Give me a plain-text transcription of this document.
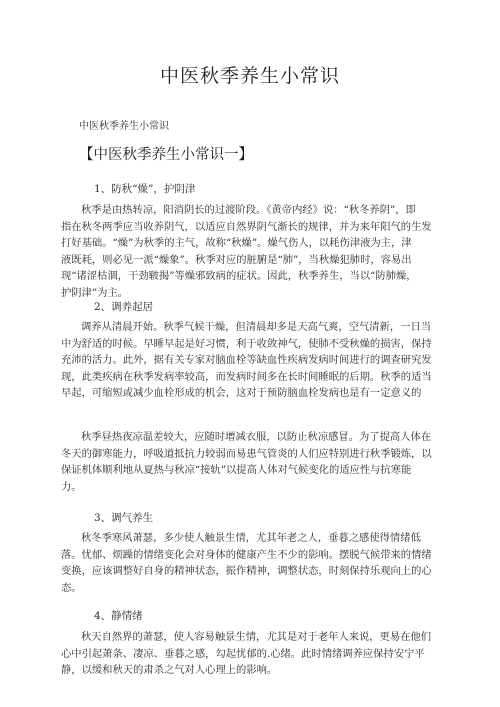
中医秋季养生小常识
中医秋季养生小常识
【中医秋季养生小常识一】
1、防秋“燥”，护阴津
秋季是由热转凉，阳消阴长的过渡阶段。《黄帝内经》说：“秋冬养阴”，即
指在秋冬两季应当收养阴气，以适应自然界阴气渐长的规律，并为来年阳气的生发
打好基础。“燥”为秋季的主气，故称“秋燥”。燥气伤人，以耗伤津液为主，津
液既耗，则必见一派“燥象”。秋季对应的脏腑是“肺”，当秋燥犯肺时，容易出
现“诸涩枯涸，干劲皲揭”等燥邪致病的症状。因此，秋季养生，当以“防肺燥，
护阴津”为主。
2、调养起居
调养从清晨开始。秋季气候干燥，但清晨却多是天高气爽，空气清新，一日当
中为舒适的时候。早睡早起是好习惯，利于收敛神气，使肺不受秋燥的损害，保持
充沛的活力。此外，据有关专家对脑血栓等缺血性疾病发病时间进行的调查研究发
现，此类疾病在秋季发病率较高，而发病时间多在长时间睡眠的后期。秋季的适当
早起，可缩短或减少血栓形成的机会，这对于预防脑血栓发病也是有一定意义的
秋季昼热夜凉温差较大，应随时增减衣服，以防止秋凉感冒。为了提高人体在
冬天的御寒能力，呼吸道抵抗力较弱而易患气管炎的人们应特别进行秋季锻炼，以
保证机体顺利地从夏热与秋凉“接轨”以提高人体对气候变化的适应性与抗寒能
力。
3、调气养生
秋冬季寒风萧瑟，多少使人触景生情，尤其年老之人，垂暮之感使得情绪低
落。忧郁、烦躁的情绪变化会对身体的健康产生不少的影响。摆脱气候带来的情绪
变换，应该调整好自身的精神状态，振作精神，调整状态，时刻保持乐观向上的心
态。
4、静情绪
秋天自然界的萧瑟，使人容易触景生情，尤其是对于老年人来说，更易在他们
心中引起萧条、凄凉、垂暮之感，勾起忧郁的.心绪。此时情绪调养应保持安宁平
静，以缓和秋天的肃杀之气对人心理上的影响。
